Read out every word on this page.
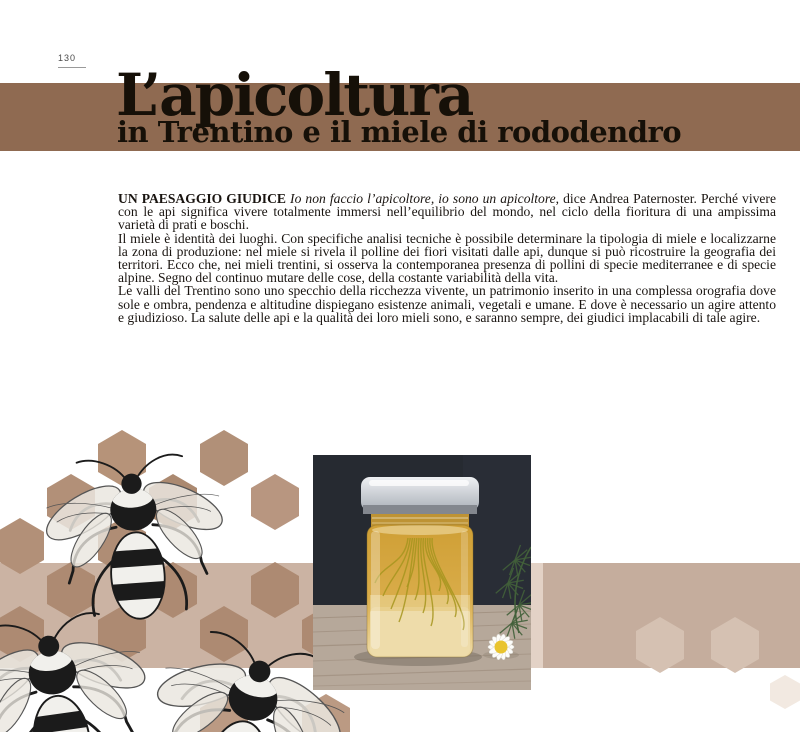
130
L’apicoltura
in Trentino e il miele di rododendro

UN PAESAGGIO GIUDICE Io non faccio l’apicoltore, io sono un apicoltore, dice Andrea Paternoster. Perché vivere con le api significa vivere totalmente immersi nell’equilibrio del mondo, nel ciclo della fioritura di una ampissima varietà di prati e boschi.

Il miele è identità dei luoghi. Con specifiche analisi tecniche è possibile determinare la tipologia di miele e localizzarne la zona di produzione: nel miele si rivela il polline dei fiori visitati dalle api, dunque si può ricostruire la geografia dei territori. Ecco che, nei mieli trentini, si osserva la contemporanea presenza di pollini di specie mediterranee e di specie alpine. Segno del continuo mutare delle cose, della costante variabilità della vita.

Le valli del Trentino sono uno specchio della ricchezza vivente, un patrimonio inserito in una complessa orografia dove sole e ombra, pendenza e altitudine dispiegano esistenze animali, vegetali e umane. E dove è necessario un agire attento e giudizioso. La salute delle api e la qualità dei loro mieli sono, e saranno sempre, dei giudici implacabili di tale agire.
